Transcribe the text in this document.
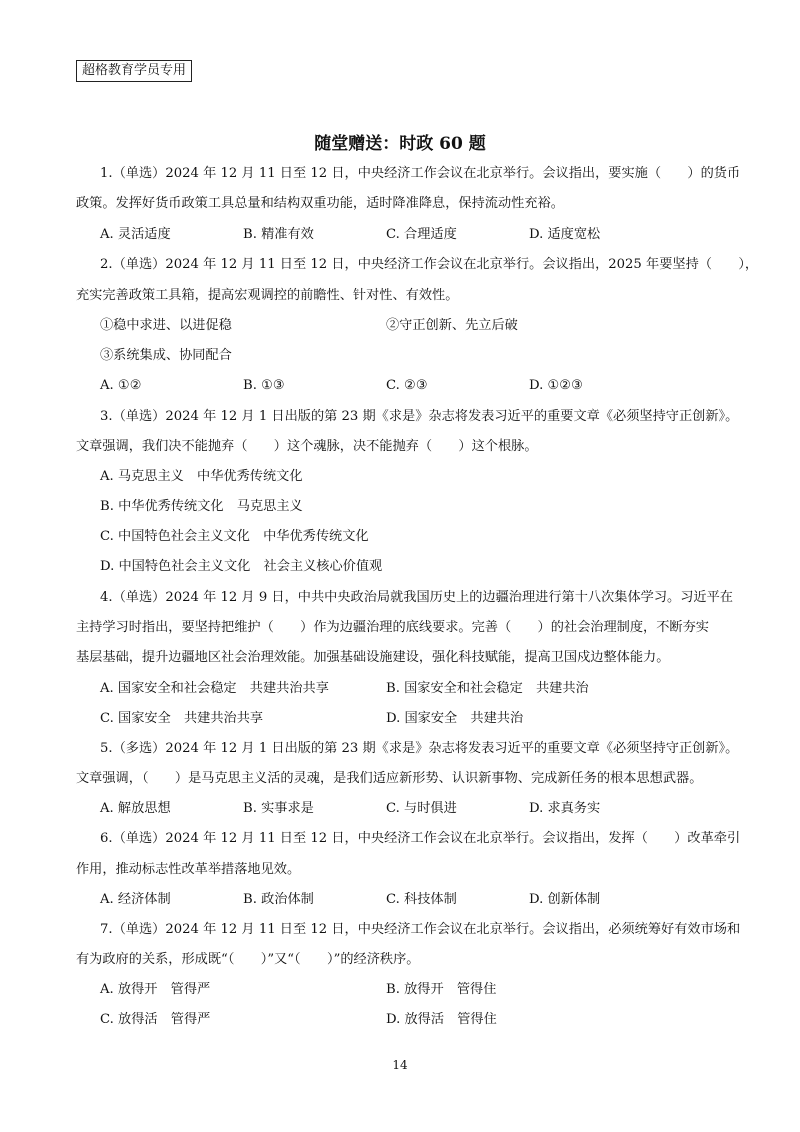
超格教育学员专用
随堂赠送：时政 60 题
1.（单选）2024 年 12 月 11 日至 12 日，中央经济工作会议在北京举行。会议指出，要实施（　　）的货币
政策。发挥好货币政策工具总量和结构双重功能，适时降准降息，保持流动性充裕。
A. 灵活适度	B. 精准有效	C. 合理适度	D. 适度宽松
2.（单选）2024 年 12 月 11 日至 12 日，中央经济工作会议在北京举行。会议指出，2025 年要坚持（　　），
充实完善政策工具箱，提高宏观调控的前瞻性、针对性、有效性。
①稳中求进、以进促稳	②守正创新、先立后破
③系统集成、协同配合
A. ①②	B. ①③	C. ②③	D. ①②③
3.（单选）2024 年 12 月 1 日出版的第 23 期《求是》杂志将发表习近平的重要文章《必须坚持守正创新》。
文章强调，我们决不能抛弃（　　）这个魂脉，决不能抛弃（　　）这个根脉。
A. 马克思主义　中华优秀传统文化
B. 中华优秀传统文化　马克思主义
C. 中国特色社会主义文化　中华优秀传统文化
D. 中国特色社会主义文化　社会主义核心价值观
4.（单选）2024 年 12 月 9 日，中共中央政治局就我国历史上的边疆治理进行第十八次集体学习。习近平在
主持学习时指出，要坚持把维护（　　）作为边疆治理的底线要求。完善（　　）的社会治理制度，不断夯实
基层基础，提升边疆地区社会治理效能。加强基础设施建设，强化科技赋能，提高卫国戍边整体能力。
A. 国家安全和社会稳定　共建共治共享	B. 国家安全和社会稳定　共建共治
C. 国家安全　共建共治共享	D. 国家安全　共建共治
5.（多选）2024 年 12 月 1 日出版的第 23 期《求是》杂志将发表习近平的重要文章《必须坚持守正创新》。
文章强调，（　　）是马克思主义活的灵魂，是我们适应新形势、认识新事物、完成新任务的根本思想武器。
A. 解放思想	B. 实事求是	C. 与时俱进	D. 求真务实
6.（单选）2024 年 12 月 11 日至 12 日，中央经济工作会议在北京举行。会议指出，发挥（　　）改革牵引
作用，推动标志性改革举措落地见效。
A. 经济体制	B. 政治体制	C. 科技体制	D. 创新体制
7.（单选）2024 年 12 月 11 日至 12 日，中央经济工作会议在北京举行。会议指出，必须统筹好有效市场和
有为政府的关系，形成既“（　　）”又“（　　）”的经济秩序。
A. 放得开　管得严	B. 放得开　管得住
C. 放得活　管得严	D. 放得活　管得住
14
